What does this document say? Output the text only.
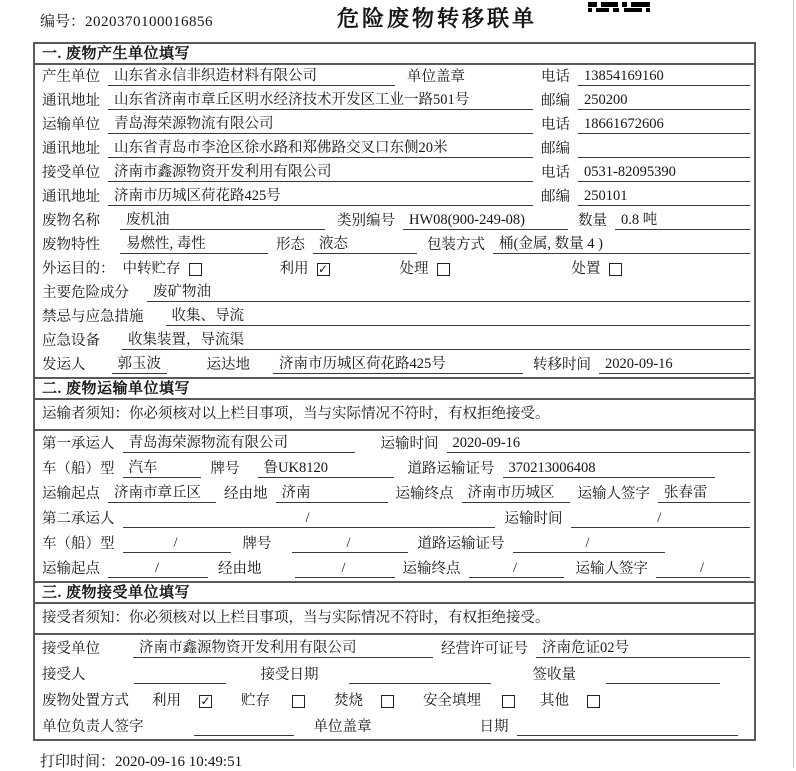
编号：2020370100016856	危险废物转移联单
一. 废物产生单位填写
产生单位 山东省永信非织造材料有限公司	单位盖章	电话 13854169160
通讯地址 山东省济南市章丘区明水经济技术开发区工业一路501号	邮编 250200
运输单位 青岛海荣源物流有限公司	电话 18661672606
通讯地址 山东省青岛市李沧区徐水路和郑佛路交叉口东侧20米	邮编
接受单位 济南市鑫源物资开发利用有限公司	电话 0531-82095390
通讯地址 济南市历城区荷花路425号	邮编 250101
废物名称	废机油	类别编号 HW08(900-249-08)	数量 0.8 吨
废物特性	易燃性, 毒性	形态 液态	包装方式 桶(金属, 数量 4 )
外运目的： 中转贮存	利用 ✓	处理	处置
主要危险成分	废矿物油
禁忌与应急措施	收集、导流
应急设备	收集装置，导流渠
发运人	郭玉波	运达地	济南市历城区荷花路425号	转移时间 2020-09-16
二. 废物运输单位填写
运输者须知：你必须核对以上栏目事项，当与实际情况不符时，有权拒绝接受。
第一承运人 青岛海荣源物流有限公司	运输时间 2020-09-16
车（船）型 汽车	牌号	鲁UK8120	道路运输证号 370213006408
运输起点 济南市章丘区	经由地 济南	运输终点 济南市历城区	运输人签字 张春雷
第二承运人	/	运输时间	/
车（船）型	/	牌号	/	道路运输证号	/
运输起点	/	经由地	/	运输终点	/	运输人签字	/
三. 废物接受单位填写
接受者须知：你必须核对以上栏目事项，当与实际情况不符时，有权拒绝接受。
接受单位	济南市鑫源物资开发利用有限公司	经营许可证号 济南危证02号
接受人	接受日期	签收量
废物处置方式 利用 ✓ 贮存	焚烧	安全填埋	其他
单位负责人签字	单位盖章	日期
打印时间：2020-09-16 10:49:51
